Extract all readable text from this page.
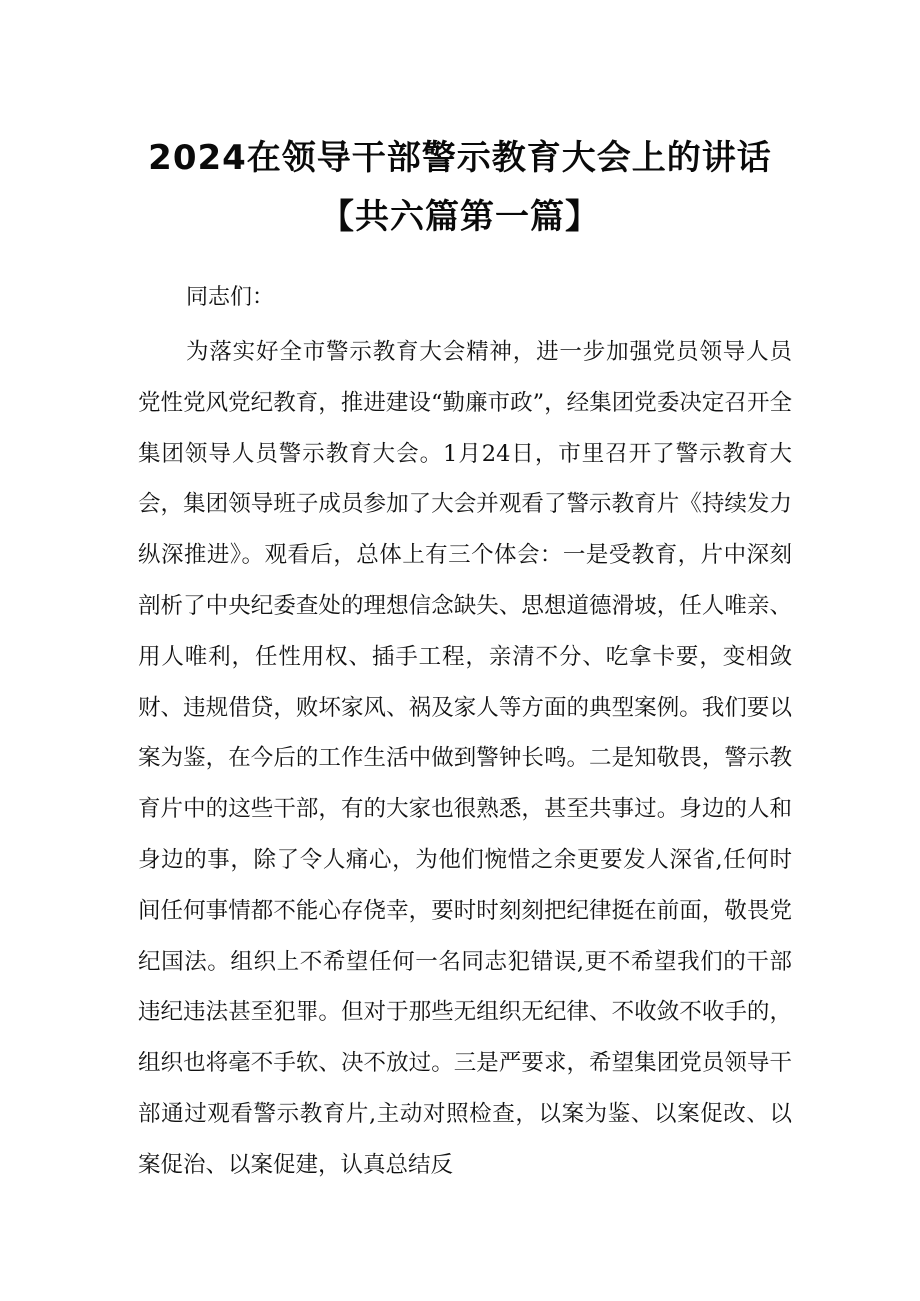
2024在领导干部警示教育大会上的讲话
【共六篇第一篇】

同志们：

为落实好全市警示教育大会精神，进一步加强党员领导人员党性党风党纪教育，推进建设“勤廉市政”，经集团党委决定召开全集团领导人员警示教育大会。1月24日，市里召开了警示教育大会，集团领导班子成员参加了大会并观看了警示教育片《持续发力纵深推进》。观看后，总体上有三个体会：一是受教育，片中深刻剖析了中央纪委查处的理想信念缺失、思想道德滑坡，任人唯亲、用人唯利，任性用权、插手工程，亲清不分、吃拿卡要，变相敛财、违规借贷，败坏家风、祸及家人等方面的典型案例。我们要以案为鉴，在今后的工作生活中做到警钟长鸣。二是知敬畏，警示教育片中的这些干部，有的大家也很熟悉，甚至共事过。身边的人和身边的事，除了令人痛心，为他们惋惜之余更要发人深省,任何时间任何事情都不能心存侥幸，要时时刻刻把纪律挺在前面，敬畏党纪国法。组织上不希望任何一名同志犯错误,更不希望我们的干部违纪违法甚至犯罪。但对于那些无组织无纪律、不收敛不收手的，组织也将毫不手软、决不放过。三是严要求，希望集团党员领导干部通过观看警示教育片,主动对照检查，以案为鉴、以案促改、以案促治、以案促建，认真总结反
